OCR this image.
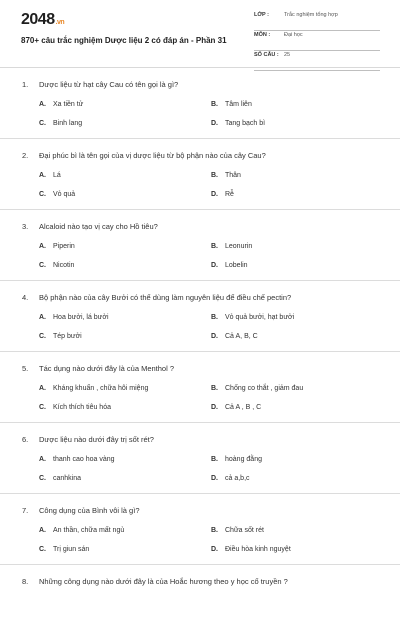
2048.vn
870+ câu trắc nghiệm Dược liệu 2 có đáp án - Phần 31
LỚP :	Trắc nghiệm tổng hợp
MÔN :	Đại học
SỐ CÂU : 25
1. Dược liệu từ hạt cây Cau có tên gọi là gì?
A. Xa tiền tử	B. Tâm liên
C. Binh lang	D. Tang bạch bì
2. Đại phúc bì là tên gọi của vị dược liệu từ bộ phận nào của cây Cau?
A. Lá	B. Thân
C. Vỏ quả	D. Rễ
3. Alcaloid nào tạo vị cay cho Hồ tiêu?
A. Piperin	B. Leonurin
C. Nicotin	D. Lobelin
4. Bộ phận nào của cây Bưởi có thể dùng làm nguyên liệu để điều chế pectin?
A. Hoa bưởi, lá bưởi	B. Vỏ quả bưởi, hạt bưởi
C. Tép bưởi	D. Cả A, B, C
5. Tác dụng nào dưới đây là của Menthol ?
A. Kháng khuẩn , chữa hôi miệng	B. Chống co thắt , giảm đau
C. Kích thích tiêu hóa	D. Cả A , B , C
6. Dược liệu nào dưới đây trị sốt rét?
A. thanh cao hoa vàng	B. hoàng đằng
C. canhkina	D. cả a,b,c
7. Công dụng của Bình vôi là gì?
A. An thần, chữa mất ngủ	B. Chữa sốt rét
C. Trị giun sán	D. Điều hòa kinh nguyệt
8. Những công dụng nào dưới đây là của Hoắc hương theo y học cổ truyền ?
